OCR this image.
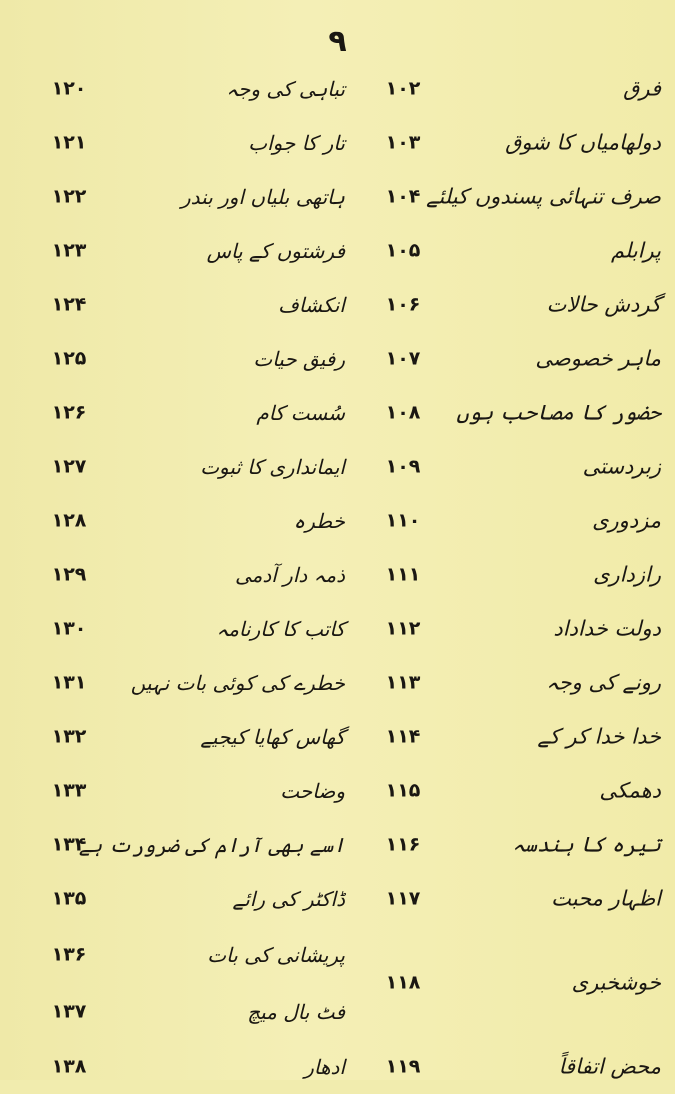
۹
فرق
۱۰۲
تباہی کی وجہ
۱۲۰
دولھامیاں کا شوق
۱۰۳
تار کا جواب
۱۲۱
صرف تنہائی پسندوں کیلئے
۱۰۴
ہاتھی بلیاں اور بندر
۱۲۲
پرابلم
۱۰۵
فرشتوں کے پاس
۱۲۳
گردش حالات
۱۰۶
انکشاف
۱۲۴
ماہر خصوصی
۱۰۷
رفیق حیات
۱۲۵
حضور کا مصاحب ہوں
۱۰۸
سُست کام
۱۲۶
زبردستی
۱۰۹
ایمانداری کا ثبوت
۱۲۷
مزدوری
۱۱۰
خطرہ
۱۲۸
رازداری
۱۱۱
ذمہ دار آدمی
۱۲۹
دولت خداداد
۱۱۲
کاتب کا کارنامہ
۱۳۰
رونے کی وجہ
۱۱۳
خطرے کی کوئی بات نہیں
۱۳۱
خدا خدا کر کے
۱۱۴
گھاس کھایا کیجیے
۱۳۲
دھمکی
۱۱۵
وضاحت
۱۳۳
تیرہ کا ہندسہ
۱۱۶
اسے بھی آرام کی ضرورت ہے
۱۳۴
اظہار محبت
۱۱۷
ڈاکٹر کی رائے
۱۳۵
خوشخبری
۱۱۸
پریشانی کی بات
۱۳۶
فٹ بال میچ
۱۳۷
محض اتفاقاً
۱۱۹
ادھار
۱۳۸
